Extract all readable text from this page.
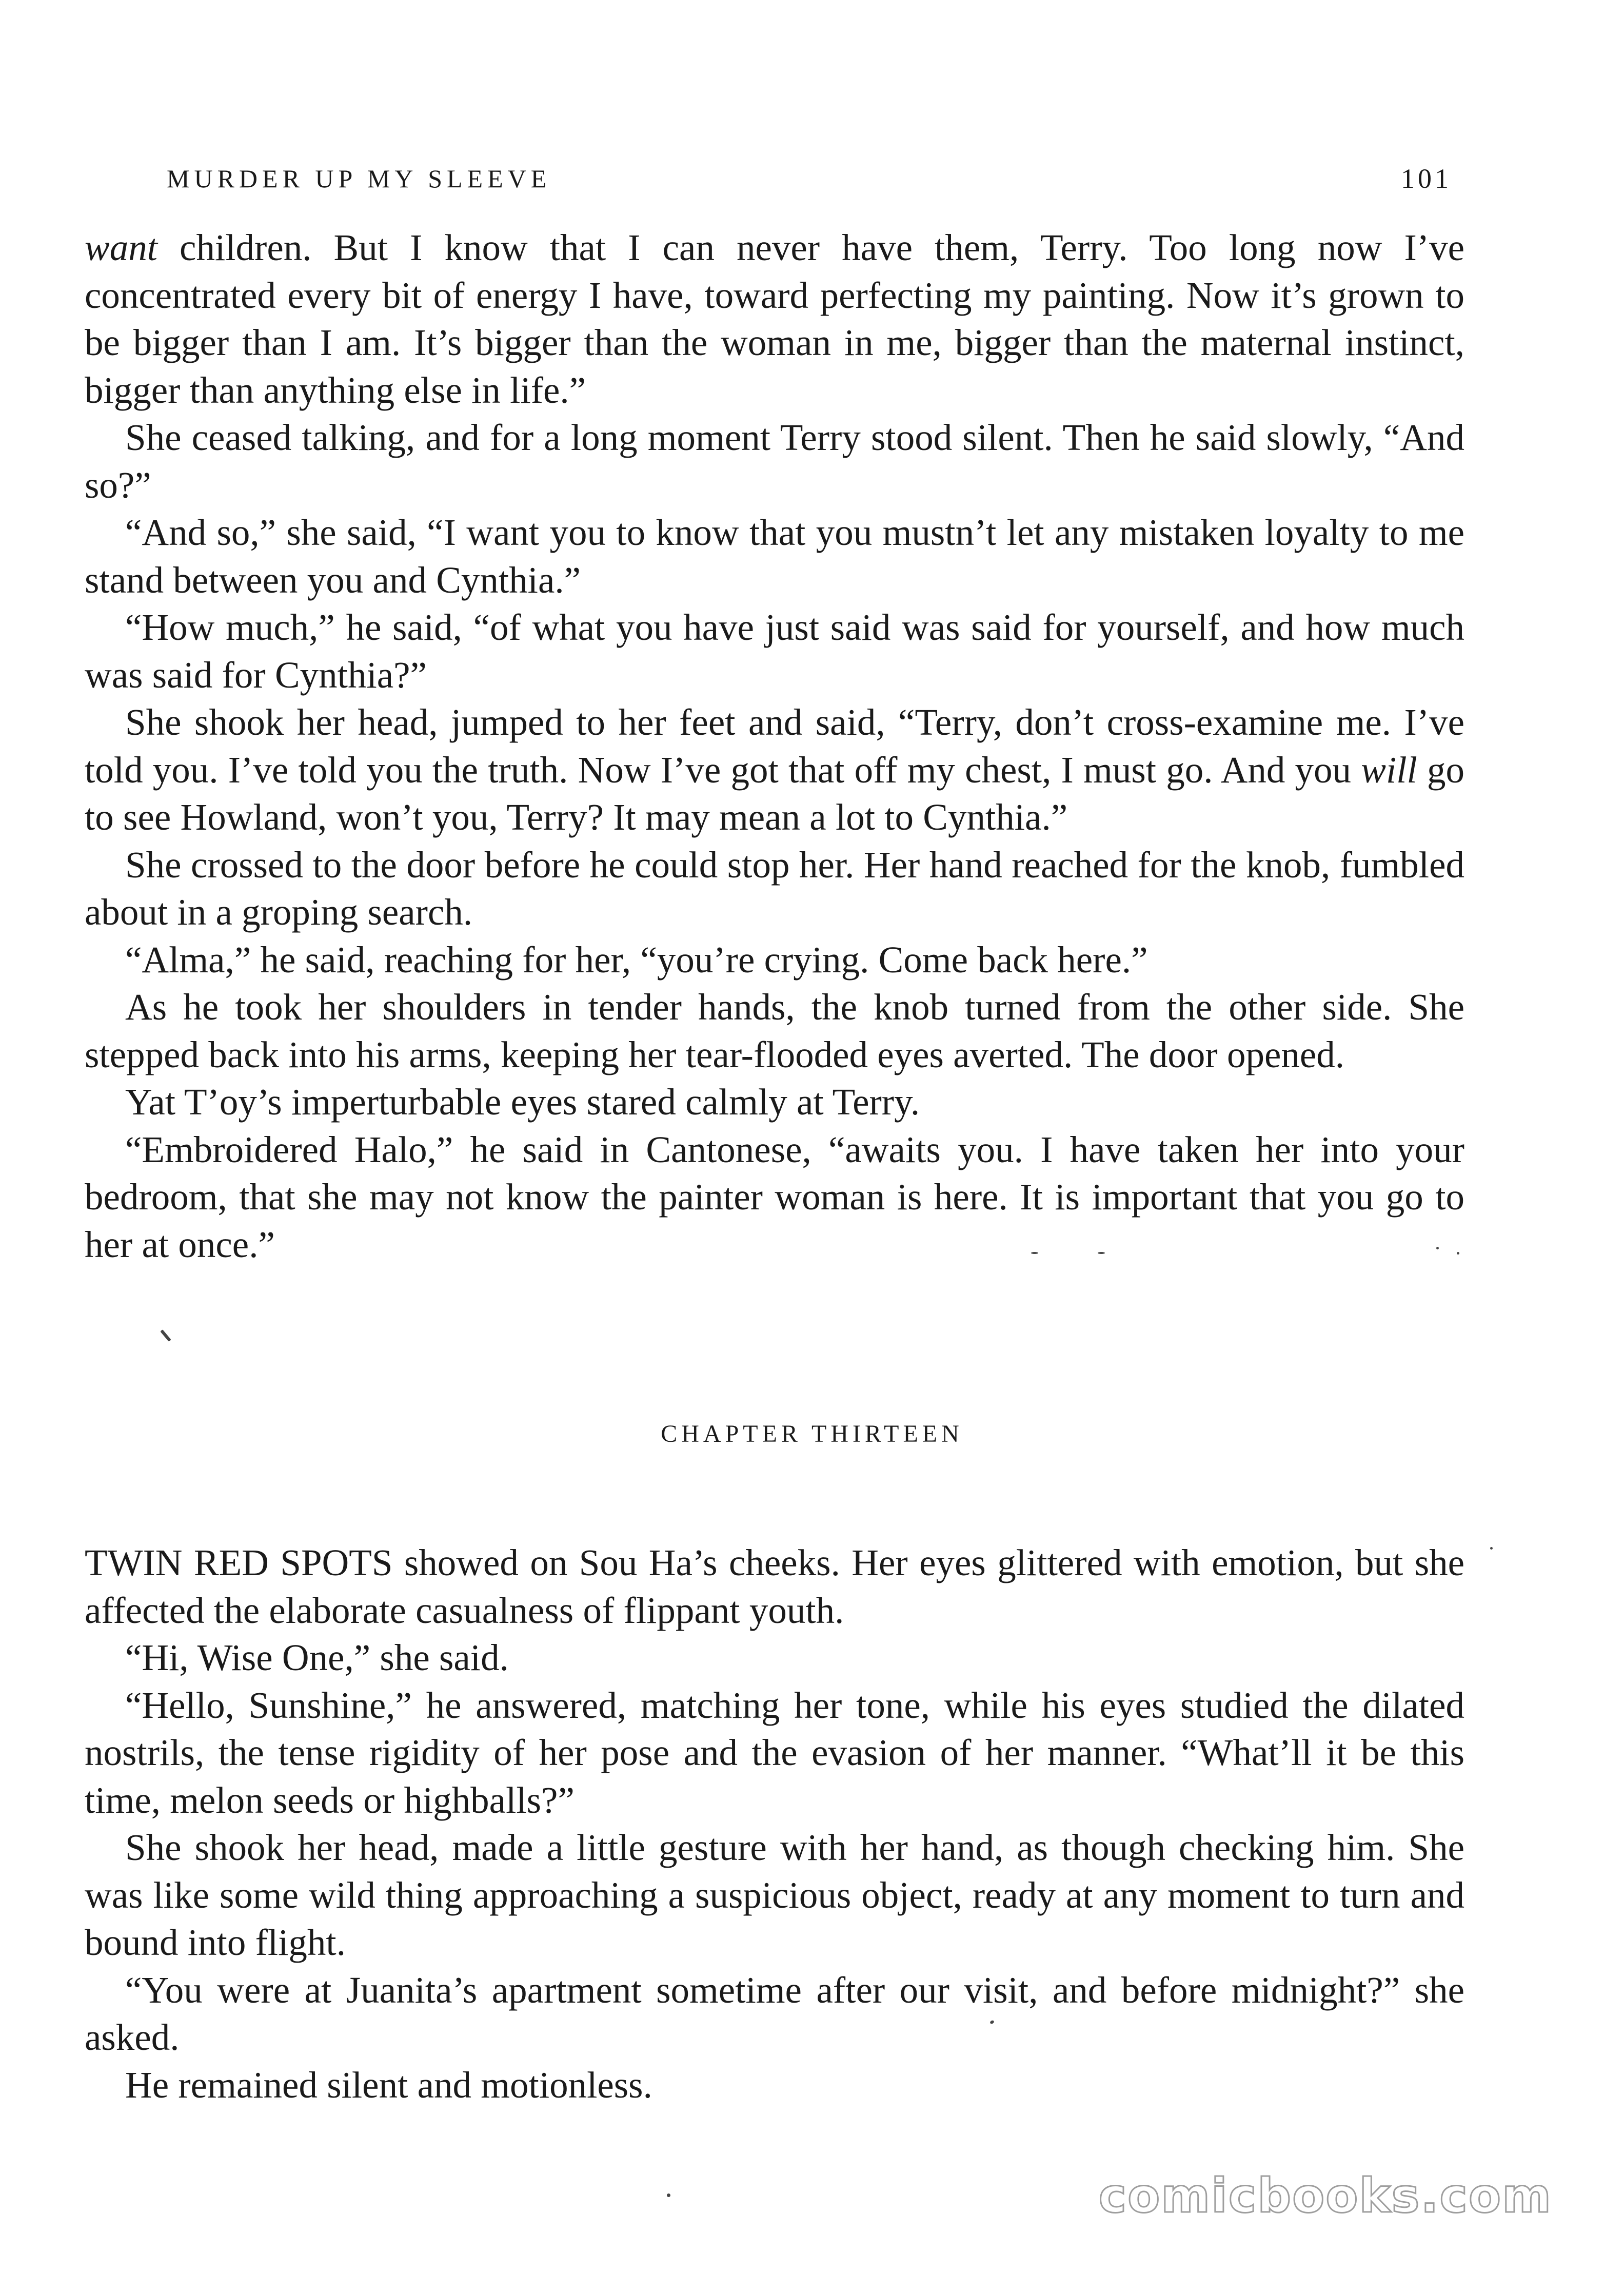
MURDER UP MY SLEEVE	101

want children. But I know that I can never have them, Terry. Too long now I’ve concentrated every bit of energy I have, toward perfecting my painting. Now it’s grown to be bigger than I am. It’s bigger than the woman in me, bigger than the maternal instinct, bigger than anything else in life.”

She ceased talking, and for a long moment Terry stood silent. Then he said slowly, “And so?”

“And so,” she said, “I want you to know that you mustn’t let any mistaken loyalty to me stand between you and Cynthia.”

“How much,” he said, “of what you have just said was said for yourself, and how much was said for Cynthia?”

She shook her head, jumped to her feet and said, “Terry, don’t cross-examine me. I’ve told you. I’ve told you the truth. Now I’ve got that off my chest, I must go. And you will go to see Howland, won’t you, Terry? It may mean a lot to Cynthia.”

She crossed to the door before he could stop her. Her hand reached for the knob, fumbled about in a groping search.

“Alma,” he said, reaching for her, “you’re crying. Come back here.”

As he took her shoulders in tender hands, the knob turned from the other side. She stepped back into his arms, keeping her tear-flooded eyes averted. The door opened.

Yat T’oy’s imperturbable eyes stared calmly at Terry.

“Embroidered Halo,” he said in Cantonese, “awaits you. I have taken her into your bedroom, that she may not know the painter woman is here. It is important that you go to her at once.”

CHAPTER THIRTEEN

TWIN RED SPOTS showed on Sou Ha’s cheeks. Her eyes glittered with emotion, but she affected the elaborate casualness of flippant youth.

“Hi, Wise One,” she said.

“Hello, Sunshine,” he answered, matching her tone, while his eyes studied the dilated nostrils, the tense rigidity of her pose and the evasion of her manner. “What’ll it be this time, melon seeds or highballs?”

She shook her head, made a little gesture with her hand, as though checking him. She was like some wild thing approaching a suspicious object, ready at any moment to turn and bound into flight.

“You were at Juanita’s apartment sometime after our visit, and before midnight?” she asked.

He remained silent and motionless.

comicbooks.com
